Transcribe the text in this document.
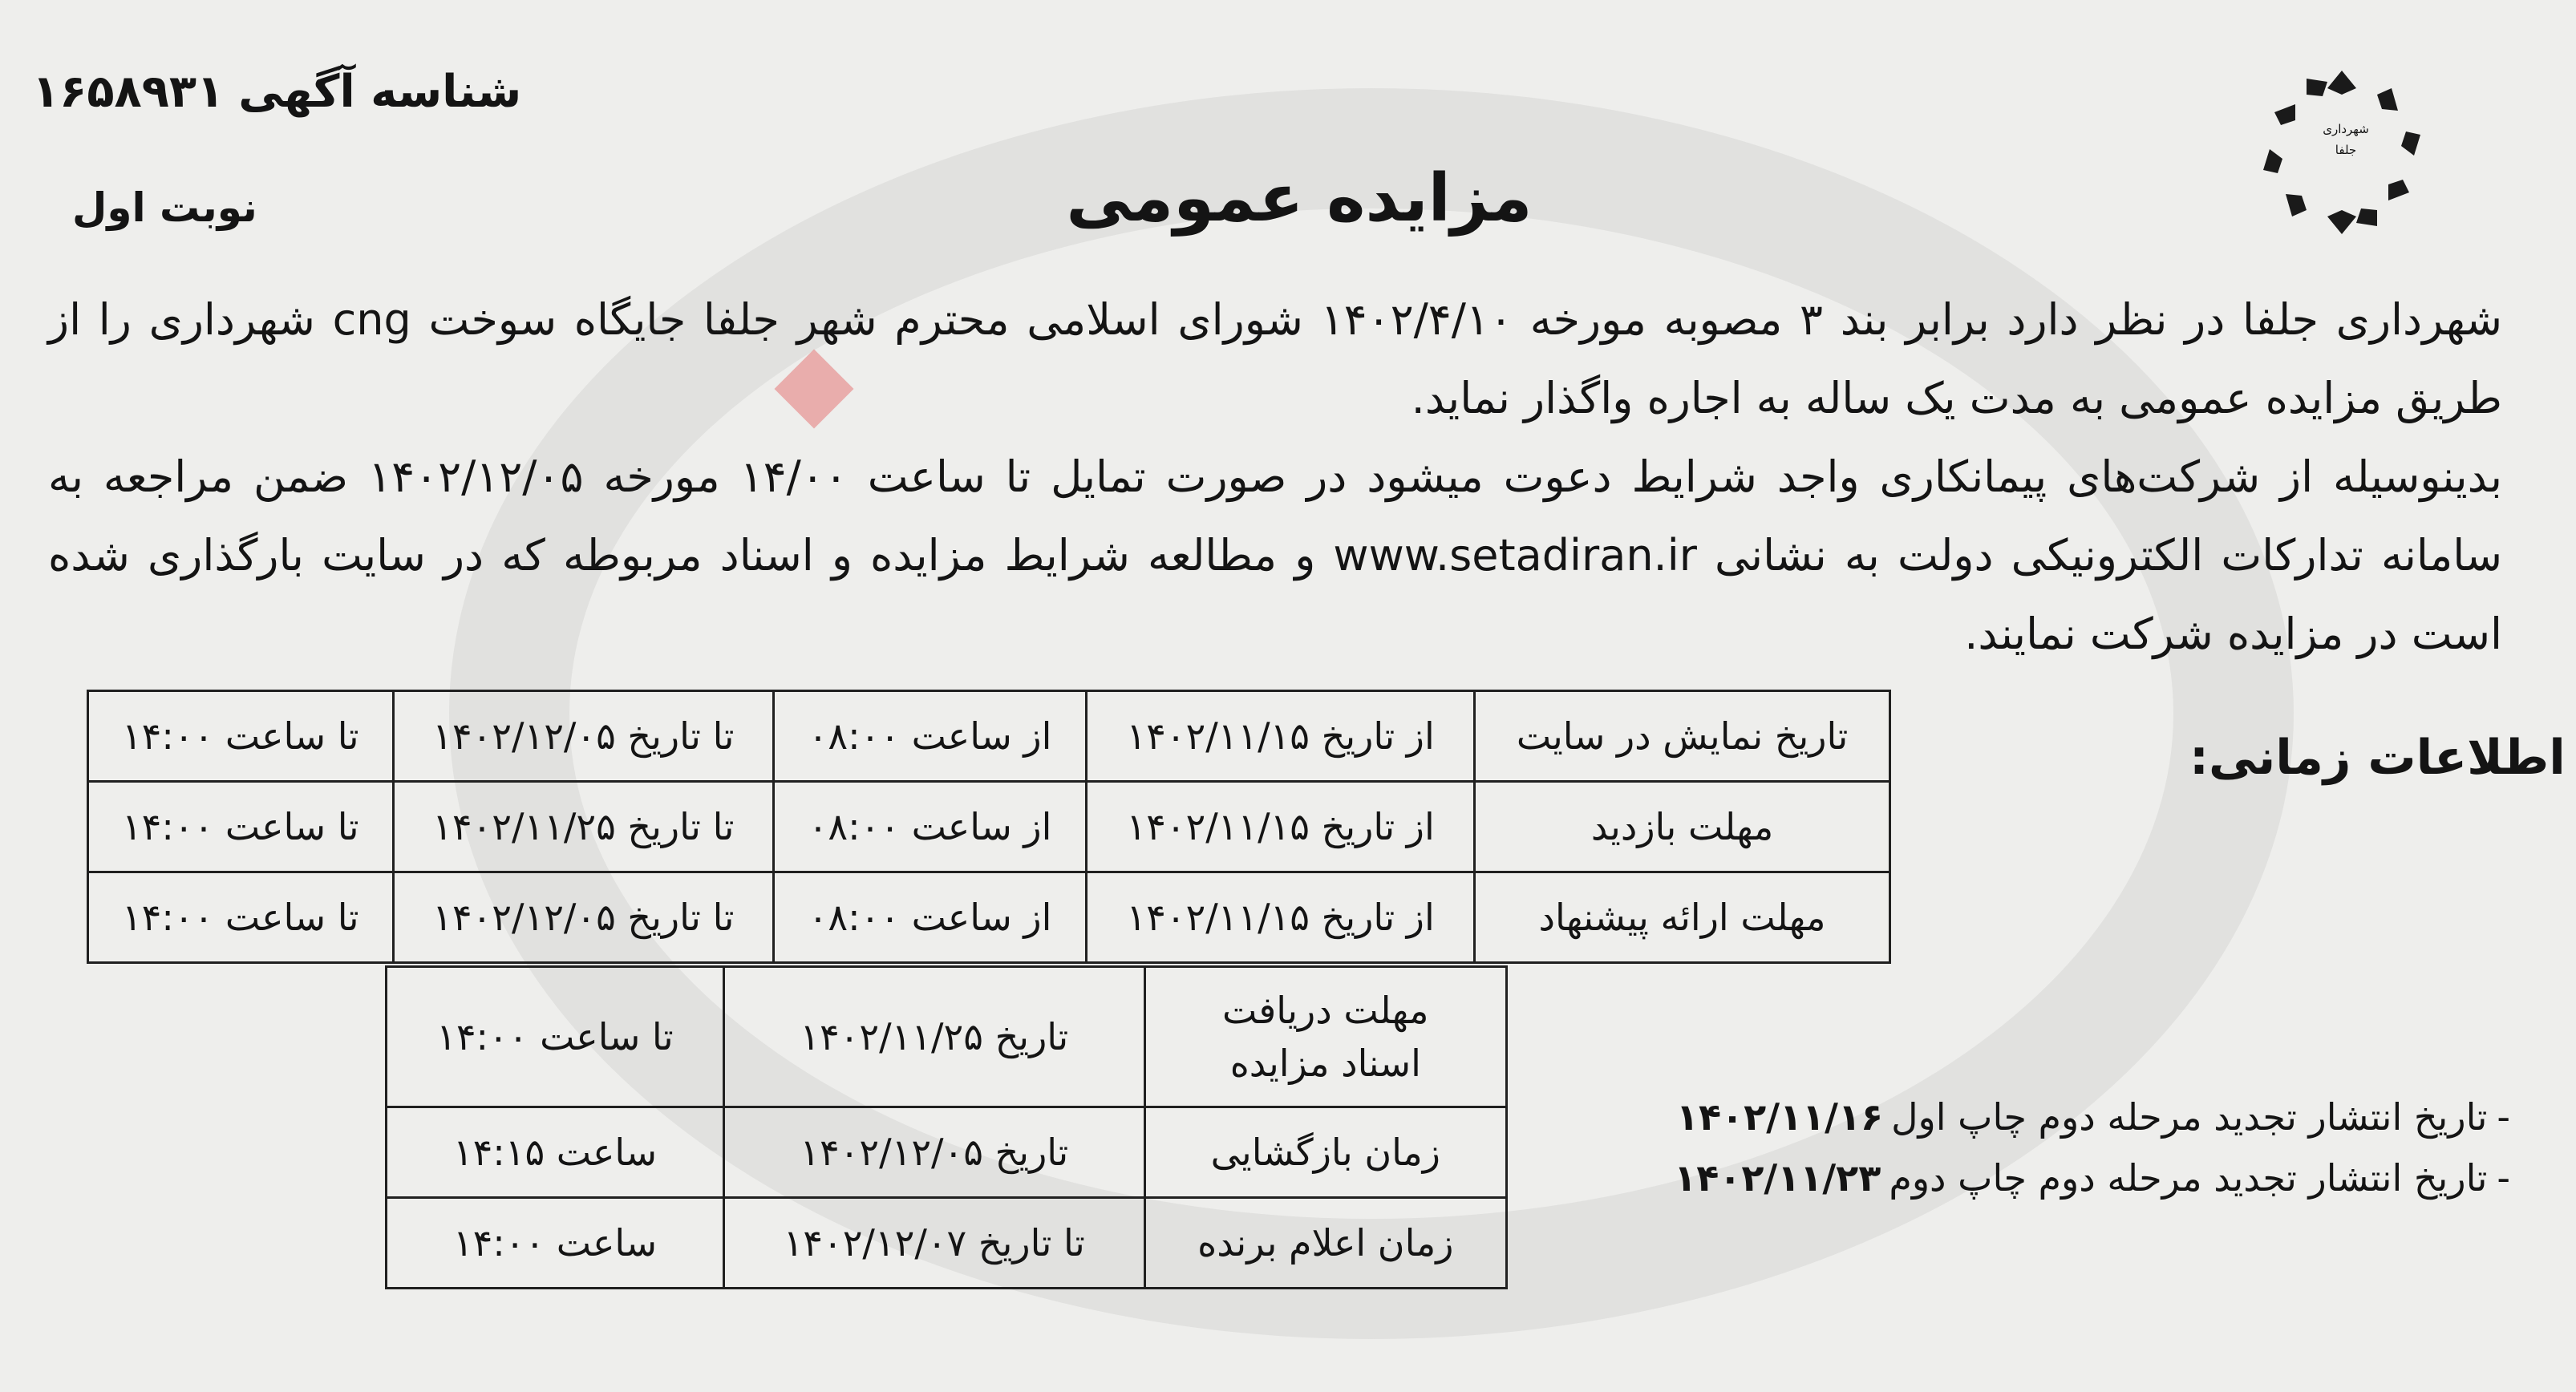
شناسه آگهی۱۶۵۸۹۳۱
شهرداری
جلفا
مزایده عمومی
نوبت اول

شهرداری جلفا در نظر دارد برابر بند ۳ مصوبه مورخه ۱۴۰۲/۴/۱۰ شورای اسلامی محترم شهر جلفا جایگاه سوخت cng شهرداری را از طریق مزایده عمومی به مدت یک ساله به اجاره واگذار نماید.

بدینوسیله از شرکت‌های پیمانکاری واجد شرایط دعوت میشود در صورت تمایل تا ساعت ۱۴/۰۰ مورخه ۱۴۰۲/۱۲/۰۵ ضمن مراجعه به سامانه تدارکات الکترونیکی دولت به نشانی www.setadiran.ir و مطالعه شرایط مزایده و اسناد مربوطه که در سایت بارگذاری شده است در مزایده شرکت نمایند.

اطلاعات زمانی:
تاریخ نمایش در سایت	از تاریخ ۱۴۰۲/۱۱/۱۵	از ساعت ۰۸:۰۰	تا تاریخ ۱۴۰۲/۱۲/۰۵	تا ساعت ۱۴:۰۰
مهلت بازدید	از تاریخ ۱۴۰۲/۱۱/۱۵	از ساعت ۰۸:۰۰	تا تاریخ ۱۴۰۲/۱۱/۲۵	تا ساعت ۱۴:۰۰
مهلت ارائه پیشنهاد	از تاریخ ۱۴۰۲/۱۱/۱۵	از ساعت ۰۸:۰۰	تا تاریخ ۱۴۰۲/۱۲/۰۵	تا ساعت ۱۴:۰۰
مهلت دریافت
اسناد مزایده	تاریخ ۱۴۰۲/۱۱/۲۵	تا ساعت ۱۴:۰۰
زمان بازگشایی	تاریخ ۱۴۰۲/۱۲/۰۵	ساعت ۱۴:۱۵
زمان اعلام برنده	تا تاریخ ۱۴۰۲/۱۲/۰۷	ساعت ۱۴:۰۰
-تاریخ انتشار تجدید مرحله دوم چاپ اول۱۴۰۲/۱۱/۱۶
-تاریخ انتشار تجدید مرحله دوم چاپ دوم۱۴۰۲/۱۱/۲۳
